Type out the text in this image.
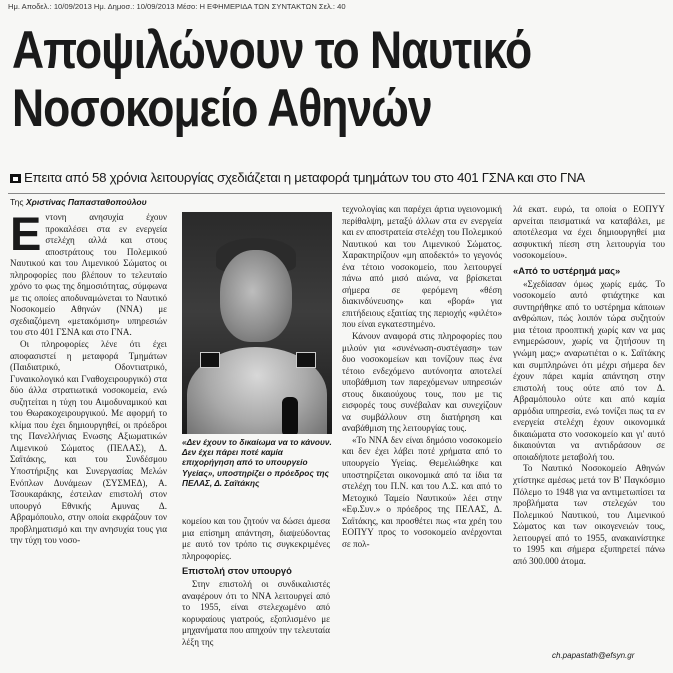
Ημ. Αποδελ.: 10/09/2013 Ημ. Δημοσ.: 10/09/2013 Μέσο: Η ΕΦΗΜΕΡΙΔΑ ΤΩΝ ΣΥΝΤΑΚΤΩΝ Σελ.: 40
Αποψιλώνουν το Ναυτικό
Νοσοκομείο Αθηνών
Επειτα από 58 χρόνια λειτουργίας σχεδιάζεται η μεταφορά τμημάτων του στο 401 ΓΣΝΑ και στο ΓΝΑ
Της Χριστίνας Παπασταθοπούλου

Εντονη ανησυχία έχουν προκαλέσει στα εν ενεργεία στελέχη αλλά και στους αποστράτους του Πολεμικού Ναυτικού και του Λιμενικού Σώματος οι πληροφορίες που βλέπουν το τελευταίο χρόνο το φως της δημοσιότητας, σύμφωνα με τις οποίες αποδυναμώνεται το Ναυτικό Νοσοκομείο Αθηνών (ΝΝΑ) με σχεδιαζόμενη «μετακόμιση» υπηρεσιών του στο 401 ΓΣΝΑ και στο ΓΝΑ.

Οι πληροφορίες λένε ότι έχει αποφασιστεί η μεταφορά Τμημάτων (Παιδιατρικό, Οδοντιατρικό, Γυναικολογικό και Γναθοχειρουργικό) στα δύο άλλα στρατιωτικά νοσοκομεία, ενώ συζητείται η τύχη του Αιμοδυναμικού και του Θωρακοχειρουργικού. Με αφορμή το κλίμα που έχει δημιουργηθεί, οι πρόεδροι της Πανελλήνιας Ενωσης Αξιωματικών Λιμενικού Σώματος (ΠΕΛΑΣ), Δ. Σαϊτάκης, και του Συνδέσμου Υποστήριξης και Συνεργασίας Μελών Ενόπλων Δυνάμεων (ΣΥΣΜΕΔ), Α. Τσουκαράκης, έστειλαν επιστολή στον υπουργό Εθνικής Αμυνας Δ. Αβραμόπουλο, στην οποία εκφράζουν τον προβληματισμό και την ανησυχία τους για την τύχη του νοσο-

«Δεν έχουν το δικαίωμα να το κάνουν. Δεν έχει πάρει ποτέ καμία επιχορήγηση από το υπουργείο Υγείας», υποστηρίζει ο πρόεδρος της ΠΕΛΑΣ, Δ. Σαϊτάκης

κομείου και του ζητούν να δώσει άμεσα μια επίσημη απάντηση, διαψεύδοντας με αυτό τον τρόπο τις συγκεκριμένες πληροφορίες.

Επιστολή στον υπουργό

Στην επιστολή οι συνδικαλιστές αναφέρουν ότι το ΝΝΑ λειτουργεί από το 1955, είναι στελεχωμένο από κορυφαίους γιατρούς, εξοπλισμένο με μηχανήματα που απηχούν την τελευταία λέξη της

τεχνολογίας και παρέχει άρτια υγειονομική περίθαλψη, μεταξύ άλλων στα εν ενεργεία και εν αποστρατεία στελέχη του Πολεμικού Ναυτικού και του Λιμενικού Σώματος. Χαρακτηρίζουν «μη αποδεκτό» το γεγονός ένα τέτοιο νοσοκομείο, που λειτουργεί πάνω από μισό αιώνα, να βρίσκεται σήμερα σε φερόμενη «θέση διακινδύνευσης» και «βορά» για επιτήδειους εξαιτίας της περιοχής «φιλέτο» που είναι εγκατεστημένο.

Κάνουν αναφορά στις πληροφορίες που μιλούν για «συνένωση-συστέγαση» των δυο νοσοκομείων και τονίζουν πως ένα τέτοιο ενδεχόμενο αυτόνοητα αποτελεί υποβάθμιση των παρεχόμενων υπηρεσιών στους δικαιούχους τους, που με τις εισφορές τους συνέβαλαν και συνεχίζουν να συμβάλλουν στη διατήρηση και αναβάθμιση της λειτουργίας τους.

«Το ΝΝΑ δεν είναι δημόσιο νοσοκομείο και δεν έχει λάβει ποτέ χρήματα από το υπουργείο Υγείας. Θεμελιώθηκε και υποστηρίζεται οικονομικά από τα ίδια τα στελέχη του Π.Ν. και του Λ.Σ. και από το Μετοχικό Ταμείο Ναυτικού» λέει στην «Εφ.Συν.» ο πρόεδρος της ΠΕΛΑΣ, Δ. Σαϊτάκης, και προσθέτει πως «τα χρέη του ΕΟΠΥΥ προς το νοσοκομείο ανέρχονται σε πολ-

λά εκατ. ευρώ, τα οποία ο ΕΟΠΥΥ αρνείται πεισματικά να καταβάλει, με αποτέλεσμα να έχει δημιουργηθεί μια ασφυκτική πίεση στη λειτουργία του νοσοκομείου».

«Από το υστέρημά μας»

«Σχεδίασαν όμως χωρίς εμάς. Το νοσοκομείο αυτό φτιάχτηκε και συντηρήθηκε από το υστέρημα κάποιων ανθρώπων, πώς λοιπόν τώρα συζητούν μια τέτοια προοπτική χωρίς καν να μας ενημερώσουν, χωρίς να ζητήσουν τη γνώμη μας;» αναρωτιέται ο κ. Σαϊτάκης και συμπληρώνει ότι μέχρι σήμερα δεν έχουν πάρει καμία απάντηση στην επιστολή τους ούτε από τον Δ. Αβραμόπουλο ούτε και από καμία αρμόδια υπηρεσία, ενώ τονίζει πως τα εν ενεργεία στελέχη έχουν οικονομικά δικαιώματα στο νοσοκομείο και γι' αυτό δικαιούνται να αντιδράσουν σε οποιαδήποτε μεταβολή του.

Το Ναυτικό Νοσοκομείο Αθηνών χτίστηκε αμέσως μετά τον Β' Παγκόσμιο Πόλεμο το 1948 για να αντιμετωπίσει τα προβλήματα των στελεχών του Πολεμικού Ναυτικού, του Λιμενικού Σώματος και των οικογενειών τους, λειτουργεί από το 1955, ανακαινίστηκε το 1995 και σήμερα εξυπηρετεί πάνω από 300.000 άτομα.

ch.papastath@efsyn.gr
